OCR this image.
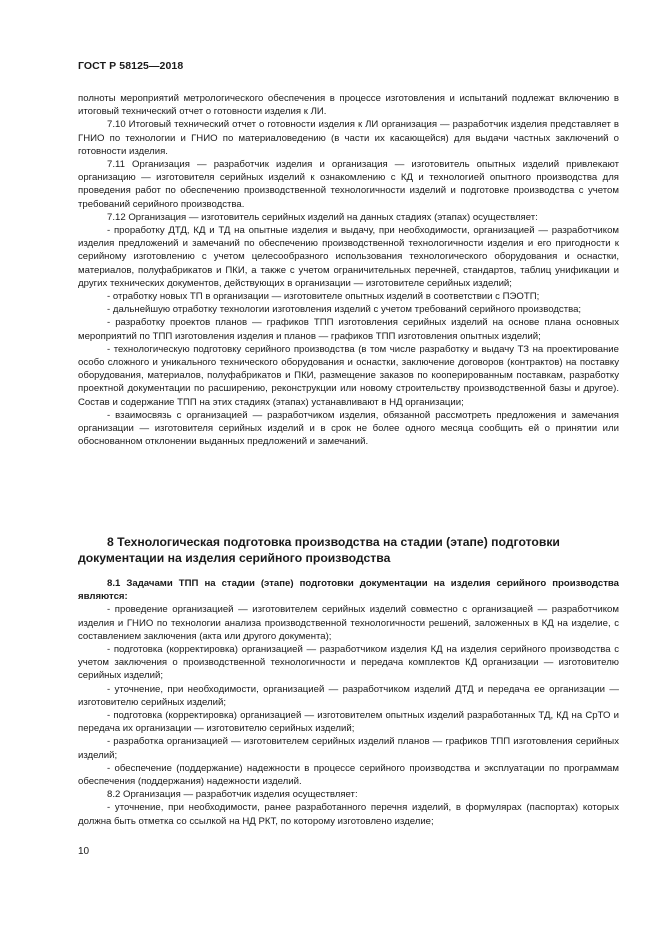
ГОСТ Р 58125—2018

полноты мероприятий метрологического обеспечения в процессе изготовления и испытаний подлежат включению в итоговый технический отчет о готовности изделия к ЛИ.

7.10 Итоговый технический отчет о готовности изделия к ЛИ организация — разработчик изделия представляет в ГНИО по технологии и ГНИО по материаловедению (в части их касающейся) для выдачи частных заключений о готовности изделия.

7.11 Организация — разработчик изделия и организация — изготовитель опытных изделий привлекают организацию — изготовителя серийных изделий к ознакомлению с КД и технологией опытного производства для проведения работ по обеспечению производственной технологичности изделий и подготовке производства с учетом требований серийного производства.

7.12 Организация — изготовитель серийных изделий на данных стадиях (этапах) осуществляет:

- проработку ДТД, КД и ТД на опытные изделия и выдачу, при необходимости, организацией — разработчиком изделия предложений и замечаний по обеспечению производственной технологичности изделия и его пригодности к серийному изготовлению с учетом целесообразного использования технологического оборудования и оснастки, материалов, полуфабрикатов и ПКИ, а также с учетом ограничительных перечней, стандартов, таблиц унификации и других технических документов, действующих в организации — изготовителе серийных изделий;

- отработку новых ТП в организации — изготовителе опытных изделий в соответствии с ПЭОТП;

- дальнейшую отработку технологии изготовления изделий с учетом требований серийного производства;

- разработку проектов планов — графиков ТПП изготовления серийных изделий на основе плана основных мероприятий по ТПП изготовления изделия и планов — графиков ТПП изготовления опытных изделий;

- технологическую подготовку серийного производства (в том числе разработку и выдачу ТЗ на проектирование особо сложного и уникального технического оборудования и оснастки, заключение договоров (контрактов) на поставку оборудования, материалов, полуфабрикатов и ПКИ, размещение заказов по кооперированным поставкам, разработку проектной документации по расширению, реконструкции или новому строительству производственной базы и другое). Состав и содержание ТПП на этих стадиях (этапах) устанавливают в НД организации;

- взаимосвязь с организацией — разработчиком изделия, обязанной рассмотреть предложения и замечания организации — изготовителя серийных изделий и в срок не более одного месяца сообщить ей о принятии или обоснованном отклонении выданных предложений и замечаний.

8 Технологическая подготовка производства на стадии (этапе) подготовки документации на изделия серийного производства

8.1 Задачами ТПП на стадии (этапе) подготовки документации на изделия серийного производства являются:

- проведение организацией — изготовителем серийных изделий совместно с организацией — разработчиком изделия и ГНИО по технологии анализа производственной технологичности решений, заложенных в КД на изделие, с составлением заключения (акта или другого документа);

- подготовка (корректировка) организацией — разработчиком изделия КД на изделия серийного производства с учетом заключения о производственной технологичности и передача комплектов КД организации — изготовителю серийных изделий;

- уточнение, при необходимости, организацией — разработчиком изделий ДТД и передача ее организации — изготовителю серийных изделий;

- подготовка (корректировка) организацией — изготовителем опытных изделий разработанных ТД, КД на СрТО и передача их организации — изготовителю серийных изделий;

- разработка организацией — изготовителем серийных изделий планов — графиков ТПП изготовления серийных изделий;

- обеспечение (поддержание) надежности в процессе серийного производства и эксплуатации по программам обеспечения (поддержания) надежности изделий.

8.2 Организация — разработчик изделия осуществляет:

- уточнение, при необходимости, ранее разработанного перечня изделий, в формулярах (паспортах) которых должна быть отметка со ссылкой на НД РКТ, по которому изготовлено изделие;

10
